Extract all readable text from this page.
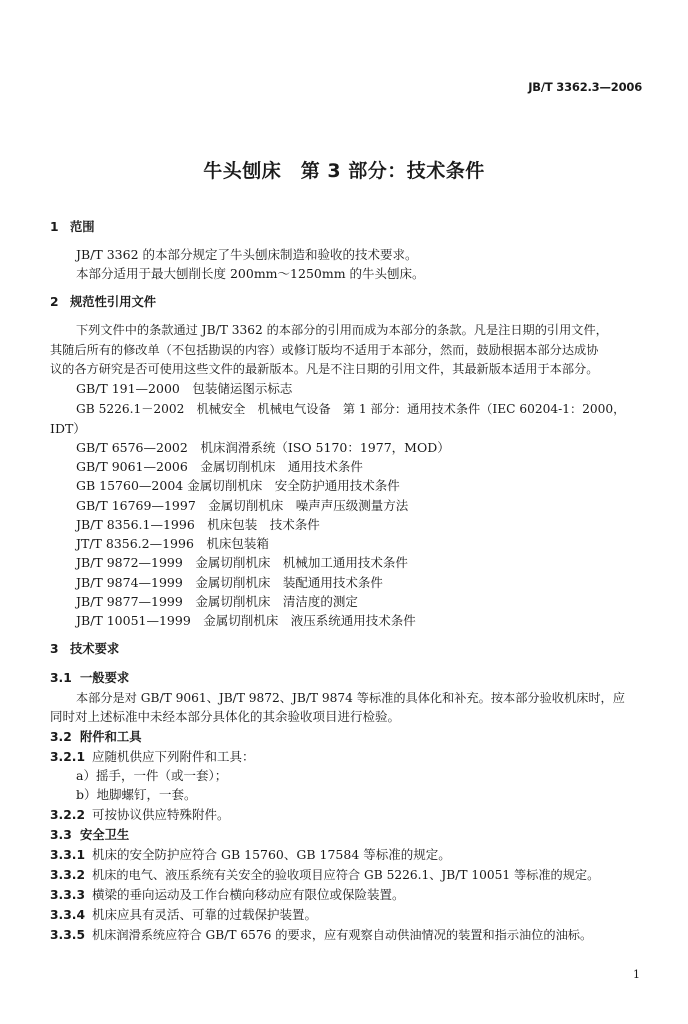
JB/T 3362.3—2006
牛头刨床　第 3 部分：技术条件
1 范围
JB/T 3362 的本部分规定了牛头刨床制造和验收的技术要求。
本部分适用于最大刨削长度 200mm～1250mm 的牛头刨床。
2 规范性引用文件
下列文件中的条款通过 JB/T 3362 的本部分的引用而成为本部分的条款。凡是注日期的引用文件，
其随后所有的修改单（不包括勘误的内容）或修订版均不适用于本部分，然而，鼓励根据本部分达成协
议的各方研究是否可使用这些文件的最新版本。凡是不注日期的引用文件，其最新版本适用于本部分。
GB/T 191—2000　包装储运图示标志
GB 5226.1－2002　机械安全　机械电气设备　第 1 部分：通用技术条件（IEC 60204-1：2000，
IDT）
GB/T 6576—2002　机床润滑系统（ISO 5170：1977，MOD）
GB/T 9061—2006　金属切削机床　通用技术条件
GB 15760—2004 金属切削机床　安全防护通用技术条件
GB/T 16769—1997　金属切削机床　噪声声压级测量方法
JB/T 8356.1—1996　机床包装　技术条件
JT/T 8356.2—1996　机床包装箱
JB/T 9872—1999　金属切削机床　机械加工通用技术条件
JB/T 9874—1999　金属切削机床　装配通用技术条件
JB/T 9877—1999　金属切削机床　清洁度的测定
JB/T 10051—1999　金属切削机床　液压系统通用技术条件
3 技术要求
3.1 一般要求
本部分是对 GB/T 9061、JB/T 9872、JB/T 9874 等标准的具体化和补充。按本部分验收机床时，应
同时对上述标准中未经本部分具体化的其余验收项目进行检验。
3.2 附件和工具
3.2.1 应随机供应下列附件和工具：
a）摇手，一件（或一套）；
b）地脚螺钉，一套。
3.2.2 可按协议供应特殊附件。
3.3 安全卫生
3.3.1 机床的安全防护应符合 GB 15760、GB 17584 等标准的规定。
3.3.2 机床的电气、液压系统有关安全的验收项目应符合 GB 5226.1、JB/T 10051 等标准的规定。
3.3.3 横梁的垂向运动及工作台横向移动应有限位或保险装置。
3.3.4 机床应具有灵活、可靠的过载保护装置。
3.3.5 机床润滑系统应符合 GB/T 6576 的要求，应有观察自动供油情况的装置和指示油位的油标。
1
